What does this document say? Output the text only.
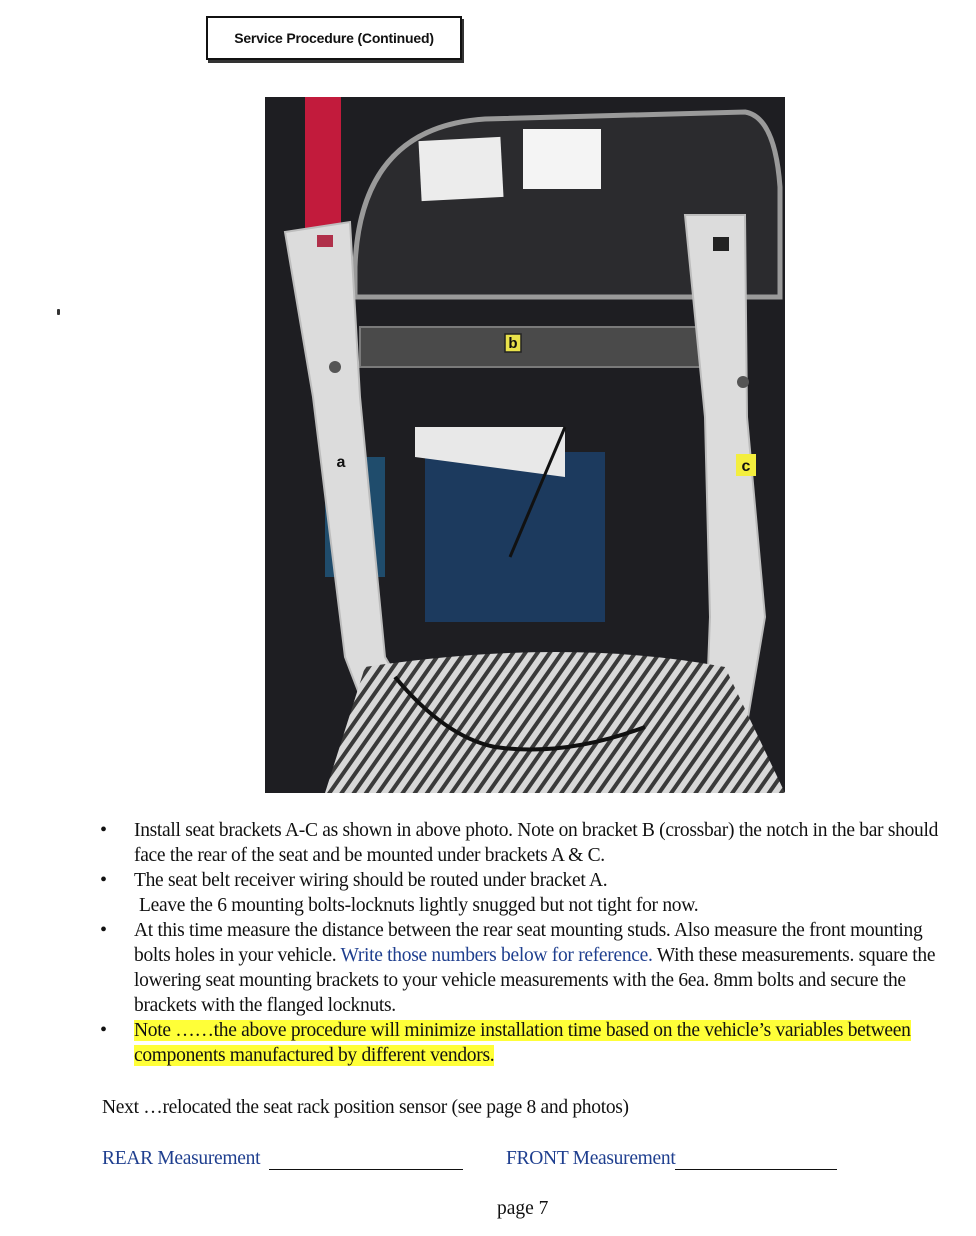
Service Procedure (Continued)
b
a	c
• Install seat brackets A-C as shown in above photo. Note on bracket B (crossbar) the notch in the bar should face the rear of the seat and be mounted under brackets A & C.
• The seat belt receiver wiring should be routed under bracket A.
Leave the 6 mounting bolts-locknuts lightly snugged but not tight for now.
• At this time measure the distance between the rear seat mounting studs. Also measure the front mounting bolts holes in your vehicle. Write those numbers below for reference. With these measurements. square the lowering seat mounting brackets to your vehicle measurements with the 6ea. 8mm bolts and secure the brackets with the flanged locknuts.
• Note ……the above procedure will minimize installation time based on the vehicle’s variables between components manufactured by different vendors.
Next …relocated the seat rack position sensor (see page 8 and photos)
REAR Measurement	FRONT Measurement
page 7
